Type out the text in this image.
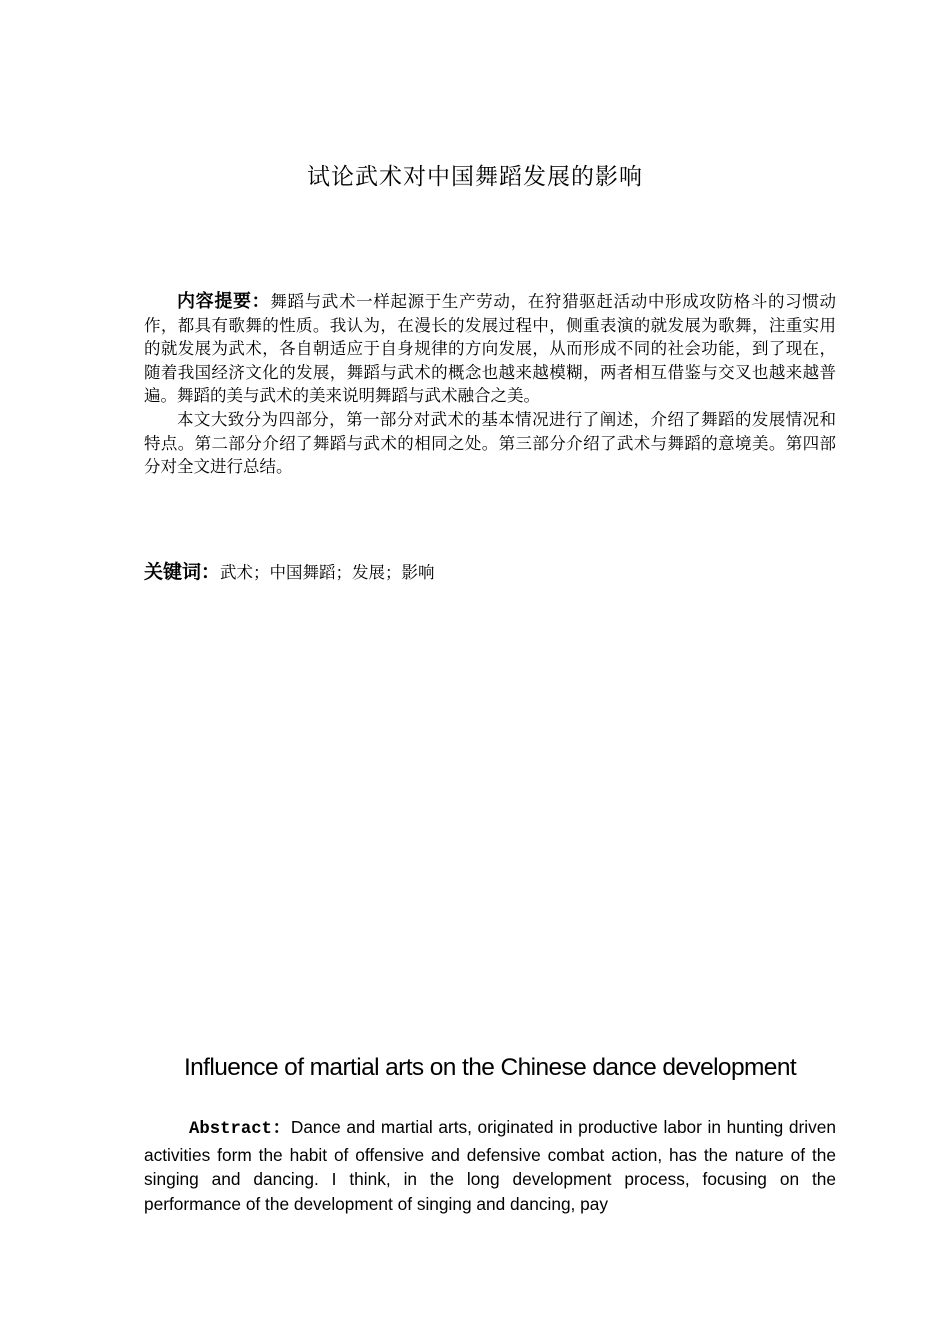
试论武术对中国舞蹈发展的影响

内容提要：舞蹈与武术一样起源于生产劳动，在狩猎驱赶活动中形成攻防格斗的习惯动作，都具有歌舞的性质。我认为，在漫长的发展过程中，侧重表演的就发展为歌舞，注重实用的就发展为武术，各自朝适应于自身规律的方向发展，从而形成不同的社会功能，到了现在，随着我国经济文化的发展，舞蹈与武术的概念也越来越模糊，两者相互借鉴与交叉也越来越普遍。舞蹈的美与武术的美来说明舞蹈与武术融合之美。

本文大致分为四部分，第一部分对武术的基本情况进行了阐述，介绍了舞蹈的发展情况和特点。第二部分介绍了舞蹈与武术的相同之处。第三部分介绍了武术与舞蹈的意境美。第四部分对全文进行总结。

关键词：武术；中国舞蹈；发展；影响
Influence of martial arts on the Chinese dance development

Abstract：Dance and martial arts, originated in productive labor in hunting driven activities form the habit of offensive and defensive combat action, has the nature of the singing and dancing. I think, in the long development process, focusing on the performance of the development of singing and dancing, pay
